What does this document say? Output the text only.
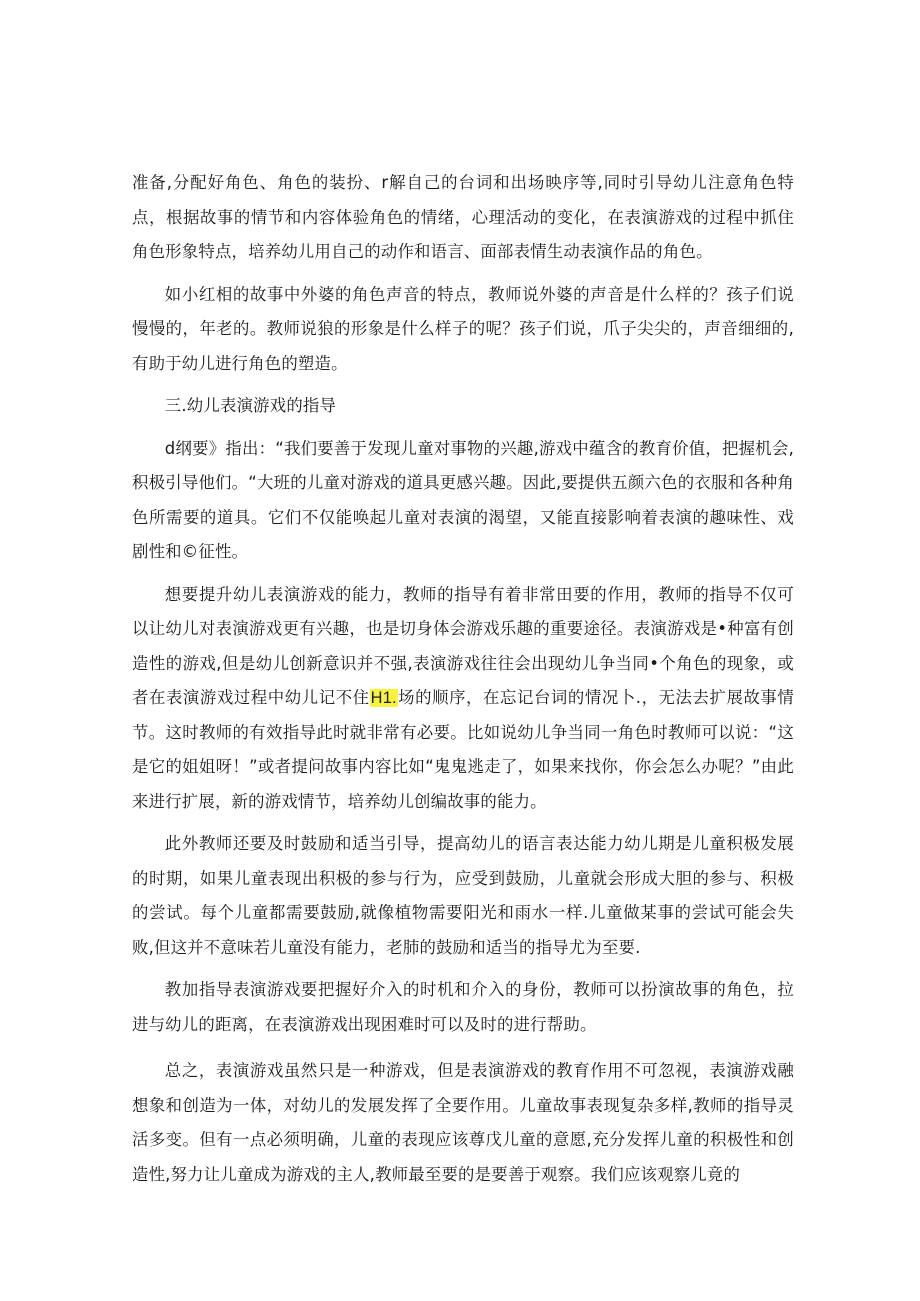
准备,分配好角色、角色的装扮、r解自己的台词和出场映序等,同时引导幼儿注意角色特点，根据故事的情节和内容体验角色的情绪，心理活动的变化，在表演游戏的过程中抓住角色形象特点，培养幼儿用自己的动作和语言、面部表情生动表演作品的角色。

如小红相的故事中外婆的角色声音的特点，教师说外婆的声音是什么样的？孩子们说慢慢的，年老的。教师说狼的形象是什么样子的呢？孩子们说，爪子尖尖的，声音细细的,有助于幼儿进行角色的塑造。

三.幼儿表演游戏的指导

d纲要》指出：“我们要善于发现儿童对事物的兴趣,游戏中蕴含的教育价值，把握机会,积极引导他们。“大班的儿童对游戏的道具更感兴趣。因此,要提供五颜六色的衣服和各种角色所需要的道具。它们不仅能唤起儿童对表演的渴望，又能直接影响着表演的趣味性、戏剧性和©征性。

想要提升幼儿表演游戏的能力，教师的指导有着非常田要的作用，教师的指导不仅可以让幼儿对表演游戏更有兴趣，也是切身体会游戏乐趣的重要途径。表演游戏是•种富有创造性的游戏,但是幼儿创新意识并不强,表演游戏往往会出现幼儿争当同•个角色的现象，或者在表演游戏过程中幼儿记不住H1.场的顺序，在忘记台词的情况卜.，无法去扩展故事情节。这时教师的有效指导此时就非常有必要。比如说幼儿争当同一角色时教师可以说：“这是它的姐姐呀！”或者提问故事内容比如“鬼鬼逃走了，如果来找你，你会怎么办呢？”由此来进行扩展，新的游戏情节，培养幼儿创编故事的能力。

此外教师还要及时鼓励和适当引导，提高幼儿的语言表达能力幼儿期是儿童积极发展的时期，如果儿童表现出积极的参与行为，应受到鼓励，儿童就会形成大胆的参与、积极的尝试。每个儿童都需要鼓励,就像植物需要阳光和雨水一样.儿童做某事的尝试可能会失败,但这并不意味若儿童没有能力，老肺的鼓励和适当的指导尤为至要.

教加指导表演游戏要把握好介入的时机和介入的身份，教师可以扮演故事的角色，拉进与幼儿的距离，在表演游戏出现困难时可以及时的进行帮助。

总之，表演游戏虽然只是一种游戏，但是表演游戏的教育作用不可忽视，表演游戏融想象和创造为一体，对幼儿的发展发挥了全要作用。儿童故事表现复杂多样,教师的指导灵活多变。但有一点必须明确，儿童的表现应该尊戊儿童的意愿,充分发挥儿童的积极性和创造性,努力让儿童成为游戏的主人,教师最至要的是要善于观察。我们应该观察儿竟的
